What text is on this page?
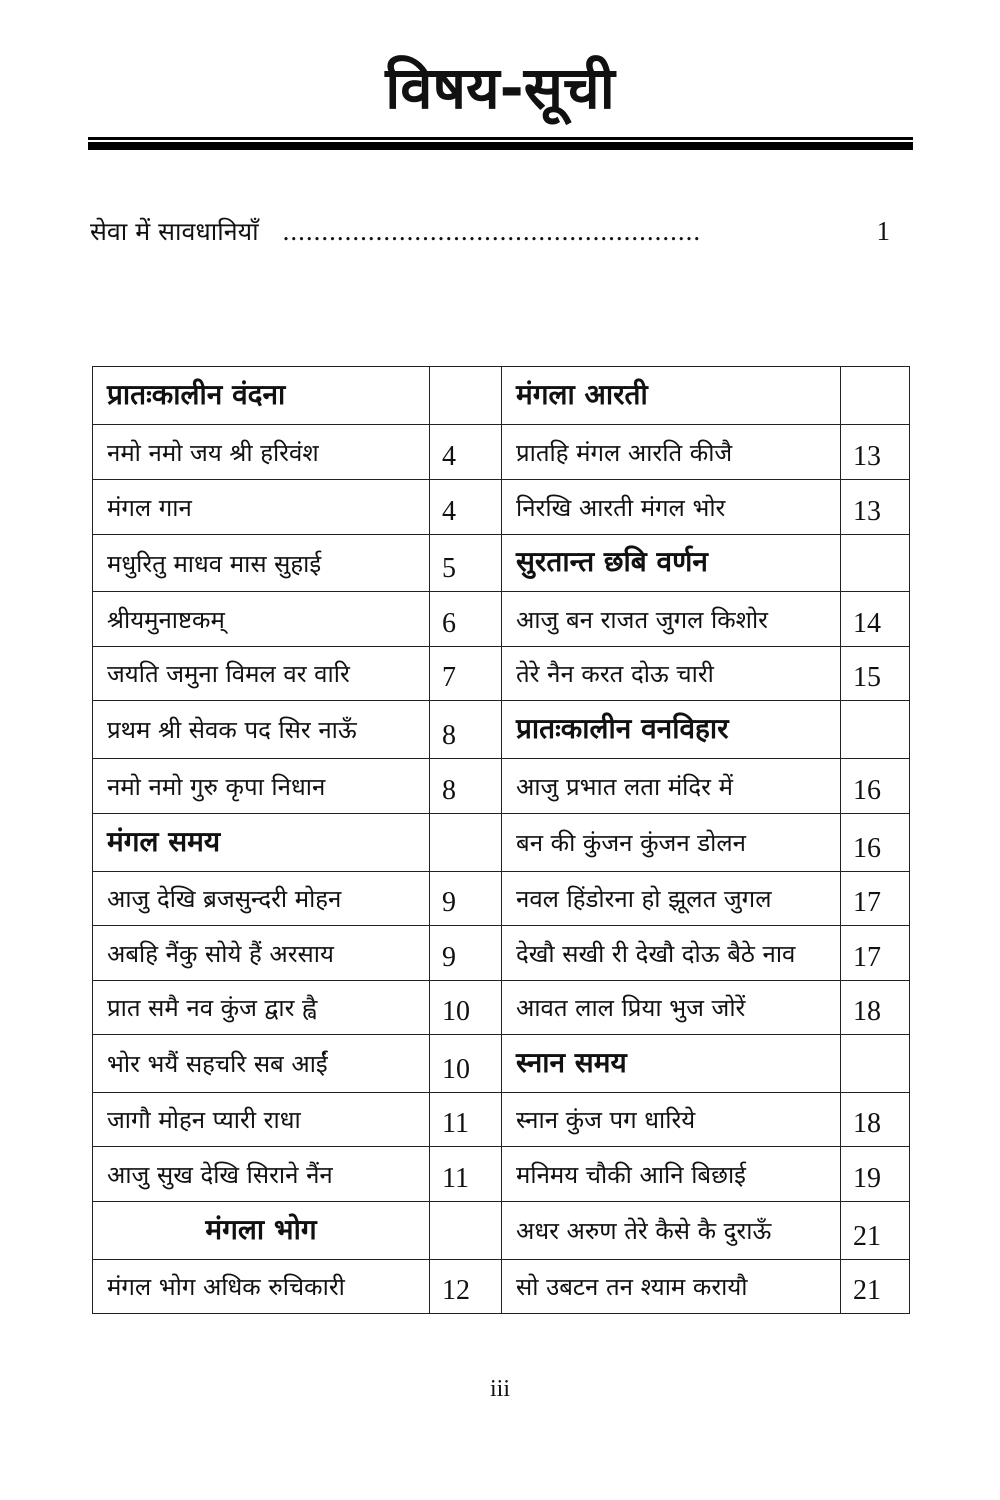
विषय-सूची
सेवा में सावधानियाँ ......................................................	1
प्रातःकालीन वंदना		मंगला आरती	
नमो नमो जय श्री हरिवंश	4	प्रातहि मंगल आरति कीजै	13
मंगल गान	4	निरखि आरती मंगल भोर	13
मधुरितु माधव मास सुहाई	5	सुरतान्त छबि वर्णन	
श्रीयमुनाष्टकम्	6	आजु बन राजत जुगल किशोर	14
जयति जमुना विमल वर वारि	7	तेरे नैन करत दोऊ चारी	15
प्रथम श्री सेवक पद सिर नाऊँ	8	प्रातःकालीन वनविहार	
नमो नमो गुरु कृपा निधान	8	आजु प्रभात लता मंदिर में	16
मंगल समय		बन की कुंजन कुंजन डोलन	16
आजु देखि ब्रजसुन्दरी मोहन	9	नवल हिंडोरना हो झूलत जुगल	17
अबहि नैंकु सोये हैं अरसाय	9	देखौ सखी री देखौ दोऊ बैठे नाव	17
प्रात समै नव कुंज द्वार ह्वै	10	आवत लाल प्रिया भुज जोरें	18
भोर भयैं सहचरि सब आईं	10	स्नान समय	
जागौ मोहन प्यारी राधा	11	स्नान कुंज पग धारिये	18
आजु सुख देखि सिराने नैंन	11	मनिमय चौकी आनि बिछाई	19
मंगला भोग		अधर अरुण तेरे कैसे कै दुराऊँ	21
मंगल भोग अधिक रुचिकारी	12	सो उबटन तन श्याम करायौ	21
iii
